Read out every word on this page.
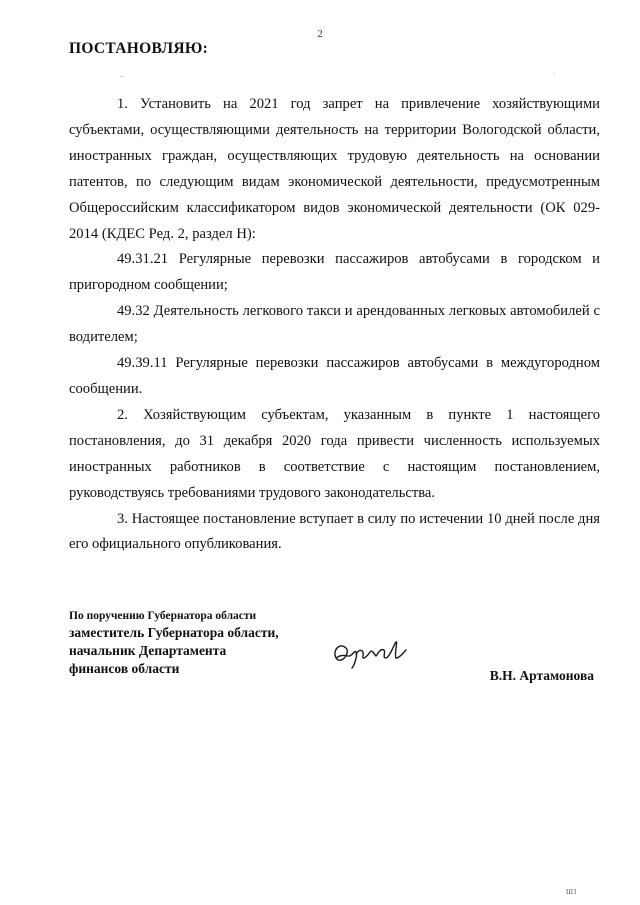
2
ПОСТАНОВЛЯЮ:
..	·

1. Установить на 2021 год запрет на привлечение хозяйствующими субъектами, осуществляющими деятельность на территории Вологодской области, иностранных граждан, осуществляющих трудовую деятельность на основании патентов, по следующим видам экономической деятельности, предусмотренным Общероссийским классификатором видов экономической деятельности (ОК 029-2014 (КДЕС Ред. 2, раздел Н):

49.31.21 Регулярные перевозки пассажиров автобусами в городском и пригородном сообщении;

49.32 Деятельность легкового такси и арендованных легковых автомобилей с водителем;

49.39.11 Регулярные перевозки пассажиров автобусами в междугородном сообщении.

2. Хозяйствующим субъектам, указанным в пункте 1 настоящего постановления, до 31 декабря 2020 года привести численность используемых иностранных работников в соответствие с настоящим постановлением, руководствуясь требованиями трудового законодательства.

3. Настоящее постановление вступает в силу по истечении 10 дней после дня его официального опубликования.

По поручению Губернатора области

заместитель Губернатора области,

начальник Департамента

финансов области	В.Н. Артамонова
ШI
